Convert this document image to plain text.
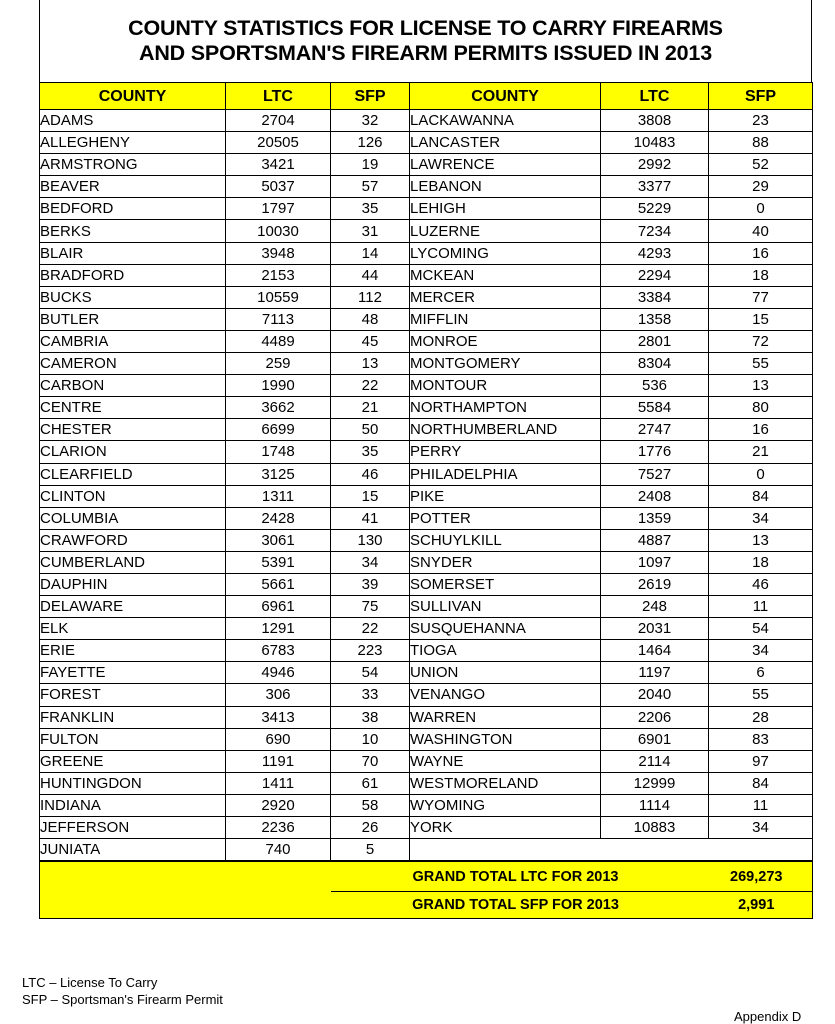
COUNTY STATISTICS FOR LICENSE TO CARRY FIREARMS
AND SPORTSMAN'S FIREARM PERMITS ISSUED IN 2013
COUNTY	LTC	SFP	COUNTY	LTC	SFP
ADAMS	2704	32	LACKAWANNA	3808	23
ALLEGHENY	20505	126	LANCASTER	10483	88
ARMSTRONG	3421	19	LAWRENCE	2992	52
BEAVER	5037	57	LEBANON	3377	29
BEDFORD	1797	35	LEHIGH	5229	0
BERKS	10030	31	LUZERNE	7234	40
BLAIR	3948	14	LYCOMING	4293	16
BRADFORD	2153	44	MCKEAN	2294	18
BUCKS	10559	112	MERCER	3384	77
BUTLER	7113	48	MIFFLIN	1358	15
CAMBRIA	4489	45	MONROE	2801	72
CAMERON	259	13	MONTGOMERY	8304	55
CARBON	1990	22	MONTOUR	536	13
CENTRE	3662	21	NORTHAMPTON	5584	80
CHESTER	6699	50	NORTHUMBERLAND	2747	16
CLARION	1748	35	PERRY	1776	21
CLEARFIELD	3125	46	PHILADELPHIA	7527	0
CLINTON	1311	15	PIKE	2408	84
COLUMBIA	2428	41	POTTER	1359	34
CRAWFORD	3061	130	SCHUYLKILL	4887	13
CUMBERLAND	5391	34	SNYDER	1097	18
DAUPHIN	5661	39	SOMERSET	2619	46
DELAWARE	6961	75	SULLIVAN	248	11
ELK	1291	22	SUSQUEHANNA	2031	54
ERIE	6783	223	TIOGA	1464	34
FAYETTE	4946	54	UNION	1197	6
FOREST	306	33	VENANGO	2040	55
FRANKLIN	3413	38	WARREN	2206	28
FULTON	690	10	WASHINGTON	6901	83
GREENE	1191	70	WAYNE	2114	97
HUNTINGDON	1411	61	WESTMORELAND	12999	84
INDIANA	2920	58	WYOMING	1114	11
JEFFERSON	2236	26	YORK	10883	34
JUNIATA	740	5			
		GRAND TOTAL LTC FOR 2013	269,273
		GRAND TOTAL SFP FOR 2013	2,991
LTC – License To Carry
SFP – Sportsman's Firearm Permit
Appendix D
